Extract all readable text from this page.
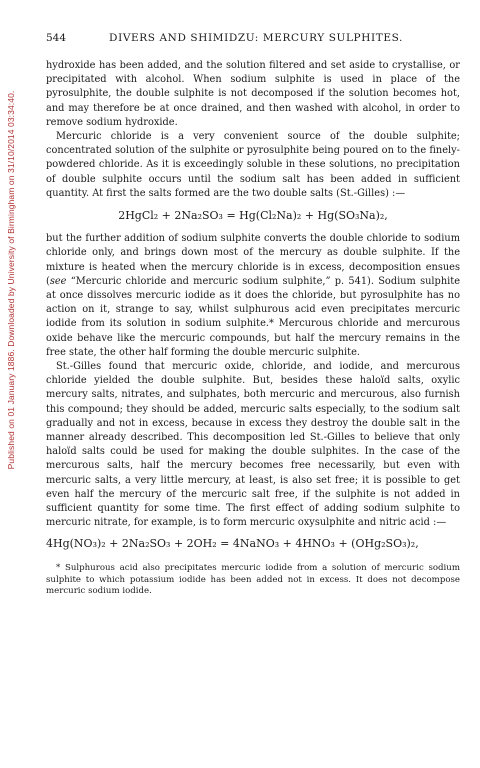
Published on 01 January 1886. Downloaded by University of Birmingham on 31/10/2014 03:34:40.
544	DIVERS AND SHIMIDZU: MERCURY SULPHITES.

hydroxide has been added, and the solution filtered and set aside to crystallise, or precipitated with alcohol. When sodium sulphite is used in place of the pyrosulphite, the double sulphite is not decomposed if the solution becomes hot, and may therefore be at once drained, and then washed with alcohol, in order to remove sodium hydroxide.

Mercuric chloride is a very convenient source of the double sulphite; concentrated solution of the sulphite or pyrosulphite being poured on to the finely-powdered chloride. As it is exceedingly soluble in these solutions, no precipitation of double sulphite occurs until the sodium salt has been added in sufficient quantity. At first the salts formed are the two double salts (St.-Gilles) :—

2HgCl₂ + 2Na₂SO₃ = Hg(Cl₂Na)₂ + Hg(SO₃Na)₂,

but the further addition of sodium sulphite converts the double chloride to sodium chloride only, and brings down most of the mercury as double sulphite. If the mixture is heated when the mercury chloride is in excess, decomposition ensues (see “Mercuric chloride and mercuric sodium sulphite,” p. 541). Sodium sulphite at once dissolves mercuric iodide as it does the chloride, but pyrosulphite has no action on it, strange to say, whilst sulphurous acid even precipitates mercuric iodide from its solution in sodium sulphite.* Mercurous chloride and mercurous oxide behave like the mercuric compounds, but half the mercury remains in the free state, the other half forming the double mercuric sulphite.

St.-Gilles found that mercuric oxide, chloride, and iodide, and mercurous chloride yielded the double sulphite. But, besides these haloïd salts, oxylic mercury salts, nitrates, and sulphates, both mercuric and mercurous, also furnish this compound; they should be added, mercuric salts especially, to the sodium salt gradually and not in excess, because in excess they destroy the double salt in the manner already described. This decomposition led St.-Gilles to believe that only haloïd salts could be used for making the double sulphites. In the case of the mercurous salts, half the mercury becomes free necessarily, but even with mercuric salts, a very little mercury, at least, is also set free; it is possible to get even half the mercury of the mercuric salt free, if the sulphite is not added in sufficient quantity for some time. The first effect of adding sodium sulphite to mercuric nitrate, for example, is to form mercuric oxysulphite and nitric acid :—

4Hg(NO₃)₂ + 2Na₂SO₃ + 2OH₂ = 4NaNO₃ + 4HNO₃ + (OHg₂SO₃)₂,

* Sulphurous acid also precipitates mercuric iodide from a solution of mercuric sodium sulphite to which potassium iodide has been added not in excess. It does not decompose mercuric sodium iodide.
